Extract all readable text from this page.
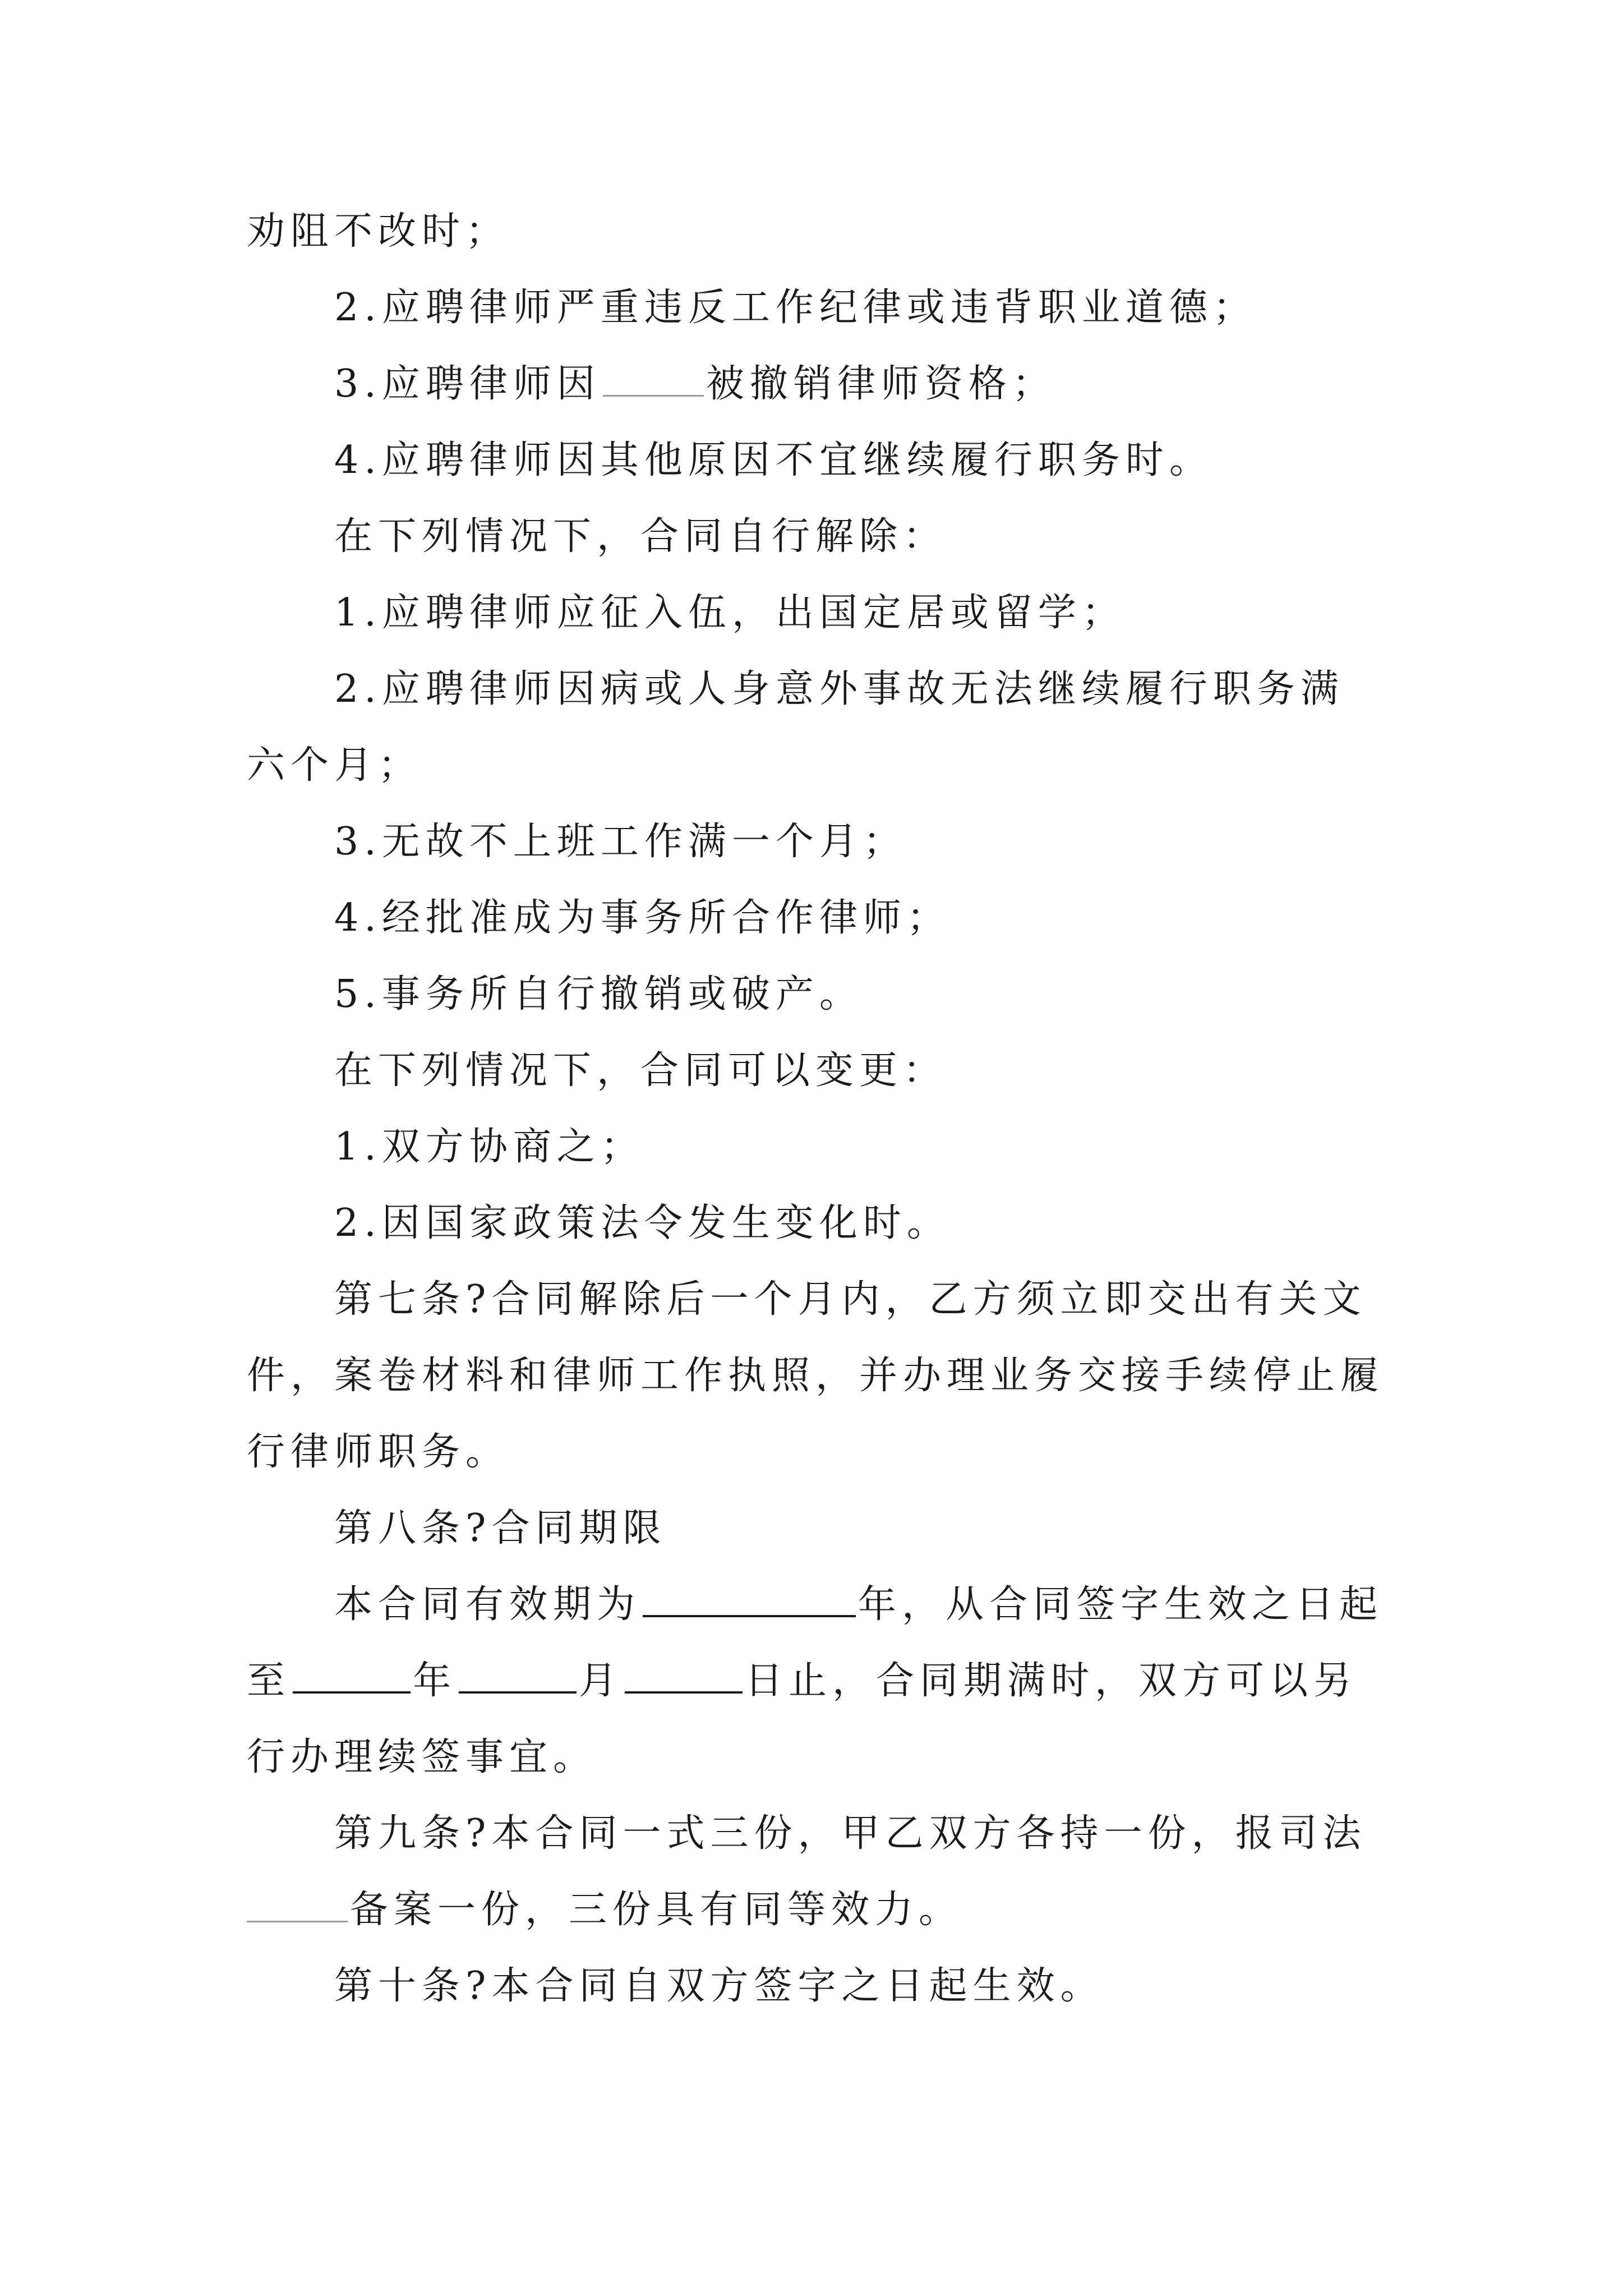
劝阻不改时；
2.应聘律师严重违反工作纪律或违背职业道德；
3.应聘律师因	被撤销律师资格；
4.应聘律师因其他原因不宜继续履行职务时。
在下列情况下，合同自行解除：
1.应聘律师应征入伍，出国定居或留学；
2.应聘律师因病或人身意外事故无法继续履行职务满
六个月；
3.无故不上班工作满一个月；
4.经批准成为事务所合作律师；
5.事务所自行撤销或破产。
在下列情况下，合同可以变更：
1.双方协商之；
2.因国家政策法令发生变化时。
第七条?合同解除后一个月内，乙方须立即交出有关文
件，案卷材料和律师工作执照，并办理业务交接手续停止履
行律师职务。
第八条?合同期限
本合同有效期为	年，从合同签字生效之日起
至	年	月	日止，合同期满时，双方可以另
行办理续签事宜。
第九条?本合同一式三份，甲乙双方各持一份，报司法
备案一份，三份具有同等效力。
第十条?本合同自双方签字之日起生效。
